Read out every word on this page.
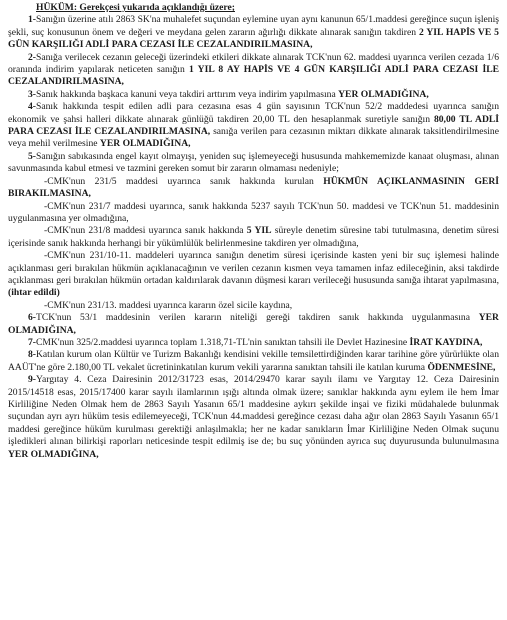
HÜKÜM: Gerekçesi yukarıda açıklandığı üzere;

1-Sanığın üzerine atılı 2863 SK'na muhalefet suçundan eylemine uyan aynı kanunun 65/1.maddesi gereğince suçun işleniş şekli, suç konusunun önem ve değeri ve meydana gelen zararın ağırlığı dikkate alınarak sanığın takdiren 2 YIL HAPİS VE 5 GÜN KARŞILIĞI ADLİ PARA CEZASI İLE CEZALANDIRILMASINA,

2-Sanığa verilecek cezanın geleceği üzerindeki etkileri dikkate alınarak TCK'nun 62. maddesi uyarınca verilen cezada 1/6 oranında indirim yapılarak neticeten sanığın 1 YIL 8 AY HAPİS VE 4 GÜN KARŞILIĞI ADLİ PARA CEZASI İLE CEZALANDIRILMASINA,

3-Sanık hakkında başkaca kanuni veya takdiri arttırım veya indirim yapılmasına YER OLMADIĞINA,

4-Sanık hakkında tespit edilen adli para cezasına esas 4 gün sayısının TCK'nun 52/2 maddedesi uyarınca sanığın ekonomik ve şahsi halleri dikkate alınarak günlüğü takdiren 20,00 TL den hesaplanmak suretiyle sanığın 80,00 TL ADLİ PARA CEZASI İLE CEZALANDIRILMASINA, sanığa verilen para cezasının miktarı dikkate alınarak taksitlendirilmesine veya mehil verilmesine YER OLMADIĞINA,

5-Sanığın sabıkasında engel kayıt olmayışı, yeniden suç işlemeyeceği hususunda mahkememizde kanaat oluşması, alınan savunmasında kabul etmesi ve tazmini gereken somut bir zararın olmaması nedeniyle;

-CMK'nun 231/5 maddesi uyarınca sanık hakkında kurulan HÜKMÜN AÇIKLANMASININ GERİ BIRAKILMASINA,

-CMK'nun 231/7 maddesi uyarınca, sanık hakkında 5237 sayılı TCK'nun 50. maddesi ve TCK'nun 51. maddesinin uygulanmasına yer olmadığına,

-CMK'nun 231/8 maddesi uyarınca sanık hakkında 5 YIL süreyle denetim süresine tabi tutulmasına, denetim süresi içerisinde sanık hakkında herhangi bir yükümlülük belirlenmesine takdiren yer olmadığına,

-CMK'nun 231/10-11. maddeleri uyarınca sanığın denetim süresi içerisinde kasten yeni bir suç işlemesi halinde açıklanması geri bırakılan hükmün açıklanacağının ve verilen cezanın kısmen veya tamamen infaz edileceğinin, aksi takdirde açıklanması geri bırakılan hükmün ortadan kaldırılarak davanın düşmesi kararı verileceği hususunda sanığa ihtarat yapılmasına, (ihtar edildi)

-CMK'nun 231/13. maddesi uyarınca kararın özel sicile kaydına,

6-TCK'nun 53/1 maddesinin verilen kararın niteliği gereği takdiren sanık hakkında uygulanmasına YER OLMADIĞINA,

7-CMK'nun 325/2.maddesi uyarınca toplam 1.318,71-TL'nin sanıktan tahsili ile Devlet Hazinesine İRAT KAYDINA,

8-Katılan kurum olan Kültür ve Turizm Bakanlığı kendisini vekille temsilettirdiğinden karar tarihine göre yürürlükte olan AAÜT'ne göre 2.180,00 TL vekalet ücretininkatılan kurum vekili yararına sanıktan tahsili ile katılan kuruma ÖDENMESİNE,

9-Yargıtay 4. Ceza Dairesinin 2012/31723 esas, 2014/29470 karar sayılı ilamı ve Yargıtay 12. Ceza Dairesinin 2015/14518 esas, 2015/17400 karar sayılı ilamlarının ışığı altında olmak üzere; sanıklar hakkında aynı eylem ile hem İmar Kirliliğine Neden Olmak hem de 2863 Sayılı Yasanın 65/1 maddesine aykırı şekilde inşai ve fiziki müdahalede bulunmak suçundan ayrı ayrı hüküm tesis edilemeyeceği, TCK'nun 44.maddesi gereğince cezası daha ağır olan 2863 Sayılı Yasanın 65/1 maddesi gereğince hüküm kurulması gerektiği anlaşılmakla; her ne kadar sanıkların İmar Kirliliğine Neden Olmak suçunu işledikleri alınan bilirkişi raporları neticesinde tespit edilmiş ise de; bu suç yönünden ayrıca suç duyurusunda bulunulmasına YER OLMADIĞINA,
